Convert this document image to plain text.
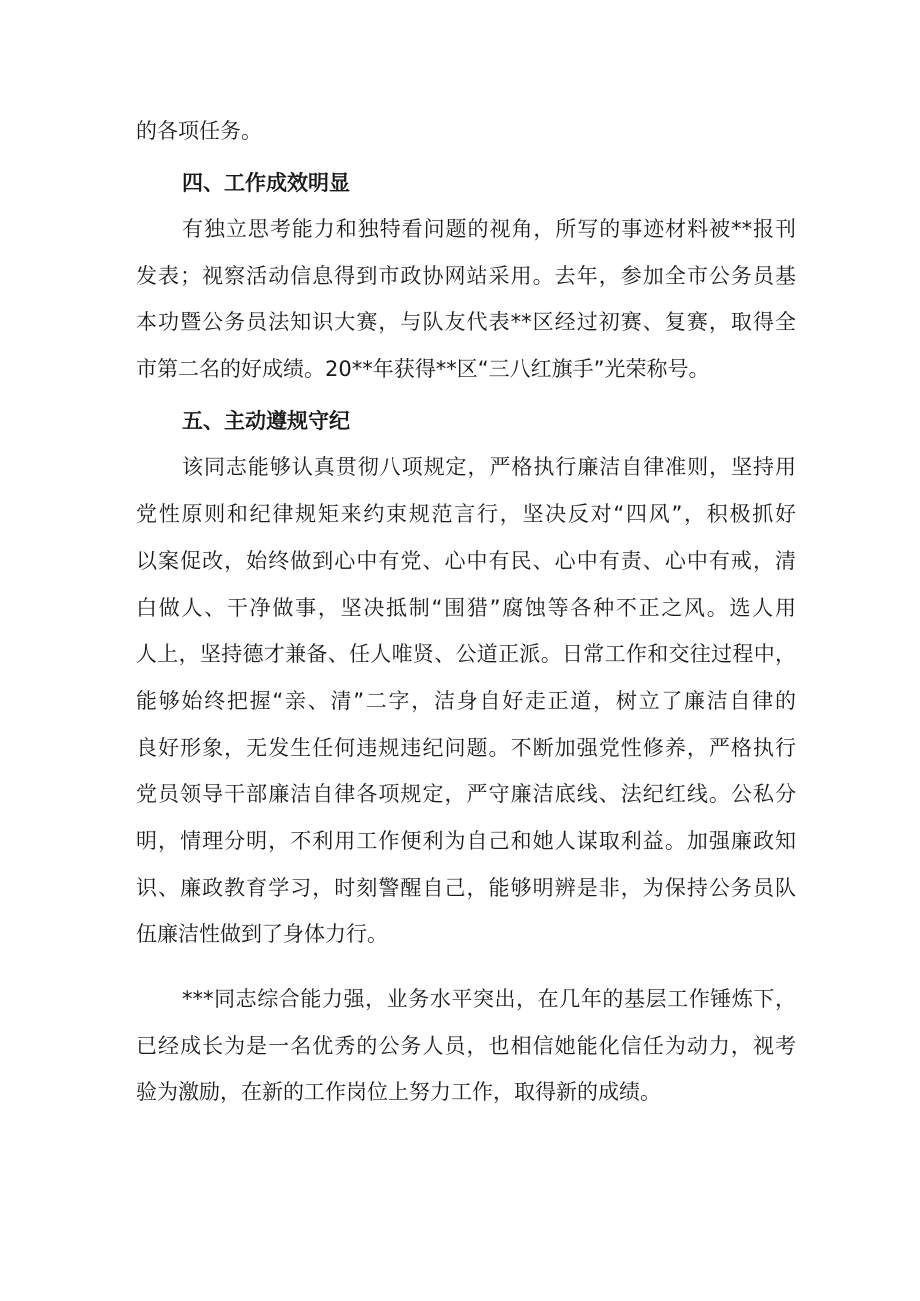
的各项任务。
四、工作成效明显
有独立思考能力和独特看问题的视角，所写的事迹材料被**报刊
发表；视察活动信息得到市政协网站采用。去年，参加全市公务员基
本功暨公务员法知识大赛，与队友代表**区经过初赛、复赛，取得全
市第二名的好成绩。20**年获得**区“三八红旗手”光荣称号。
五、主动遵规守纪
该同志能够认真贯彻八项规定，严格执行廉洁自律准则，坚持用
党性原则和纪律规矩来约束规范言行，坚决反对“四风”，积极抓好
以案促改，始终做到心中有党、心中有民、心中有责、心中有戒，清
白做人、干净做事，坚决抵制“围猎”腐蚀等各种不正之风。选人用
人上，坚持德才兼备、任人唯贤、公道正派。日常工作和交往过程中，
能够始终把握“亲、清”二字，洁身自好走正道，树立了廉洁自律的
良好形象，无发生任何违规违纪问题。不断加强党性修养，严格执行
党员领导干部廉洁自律各项规定，严守廉洁底线、法纪红线。公私分
明，情理分明，不利用工作便利为自己和她人谋取利益。加强廉政知
识、廉政教育学习，时刻警醒自己，能够明辨是非，为保持公务员队
伍廉洁性做到了身体力行。
***同志综合能力强，业务水平突出，在几年的基层工作锤炼下，
已经成长为是一名优秀的公务人员，也相信她能化信任为动力，视考
验为激励，在新的工作岗位上努力工作，取得新的成绩。
